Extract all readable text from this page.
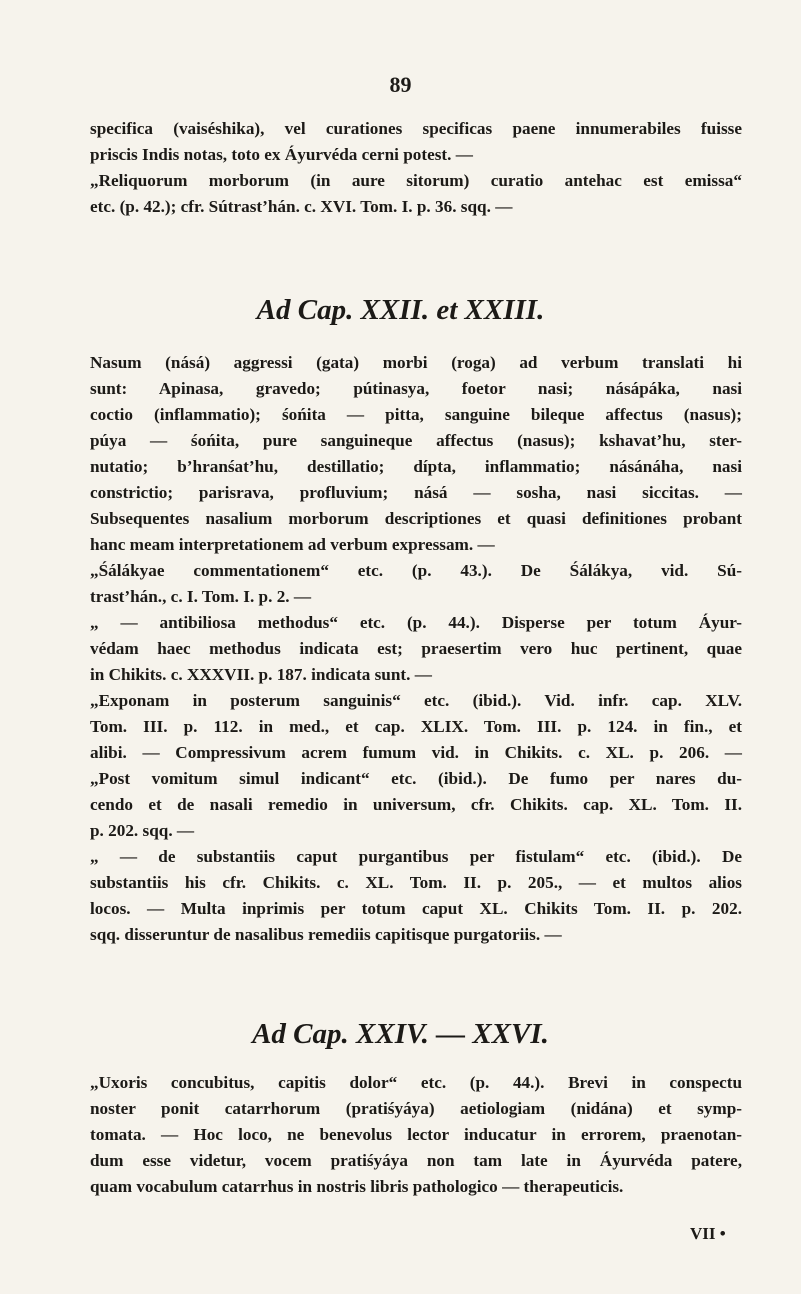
89
specifica (vaiséshika), vel curationes specificas paene innumerabiles fuisse
priscis Indis notas, toto ex Áyurvéda cerni potest. —
„Reliquorum morborum (in aure sitorum) curatio antehac est emissa“
etc. (p. 42.); cfr. Sútrast’hán. c. XVI. Tom. I. p. 36. sqq. —
Ad Cap. XXII. et XXIII.
Nasum (násá) aggressi (gata) morbi (roga) ad verbum translati hi
sunt: Apinasa, gravedo; pútinasya, foetor nasi; násápáka, nasi
coctio (inflammatio); śońita — pitta, sanguine bileque affectus (nasus);
púya — śońita, pure sanguineque affectus (nasus); kshavat’hu, ster-
nutatio; b’hranśat’hu, destillatio; dípta, inflammatio; násánáha, nasi
constrictio; parisrava, profluvium; násá — sosha, nasi siccitas. —
Subsequentes nasalium morborum descriptiones et quasi definitiones probant
hanc meam interpretationem ad verbum expressam. —
„Śálákyae commentationem“ etc. (p. 43.). De Śálákya, vid. Sú-
trast’hán., c. I. Tom. I. p. 2. —
„ — antibiliosa methodus“ etc. (p. 44.). Disperse per totum Áyur-
védam haec methodus indicata est; praesertim vero huc pertinent, quae
in Chikits. c. XXXVII. p. 187. indicata sunt. —
„Exponam in posterum sanguinis“ etc. (ibid.). Vid. infr. cap. XLV.
Tom. III. p. 112. in med., et cap. XLIX. Tom. III. p. 124. in fin., et
alibi. — Compressivum acrem fumum vid. in Chikits. c. XL. p. 206. —
„Post vomitum simul indicant“ etc. (ibid.). De fumo per nares du-
cendo et de nasali remedio in universum, cfr. Chikits. cap. XL. Tom. II.
p. 202. sqq. —
„ — de substantiis caput purgantibus per fistulam“ etc. (ibid.). De
substantiis his cfr. Chikits. c. XL. Tom. II. p. 205., — et multos alios
locos. — Multa inprimis per totum caput XL. Chikits Tom. II. p. 202.
sqq. disseruntur de nasalibus remediis capitisque purgatoriis. —
Ad Cap. XXIV. — XXVI.
„Uxoris concubitus, capitis dolor“ etc. (p. 44.). Brevi in conspectu
noster ponit catarrhorum (pratiśyáya) aetiologiam (nidána) et symp-
tomata. — Hoc loco, ne benevolus lector inducatur in errorem, praenotan-
dum esse videtur, vocem pratiśyáya non tam late in Áyurvéda patere,
quam vocabulum catarrhus in nostris libris pathologico — therapeuticis.
VII •
